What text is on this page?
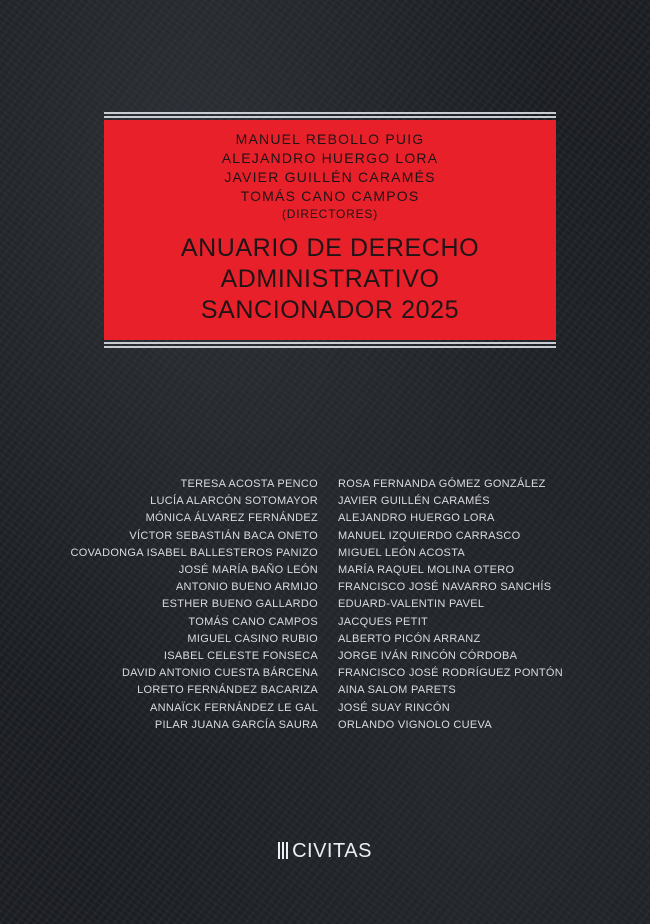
MANUEL REBOLLO PUIG
ALEJANDRO HUERGO LORA
JAVIER GUILLÉN CARAMÉS
TOMÁS CANO CAMPOS
(DIRECTORES)
ANUARIO DE DERECHO
ADMINISTRATIVO
SANCIONADOR 2025
TERESA ACOSTA PENCO
LUCÍA ALARCÓN SOTOMAYOR
MÓNICA ÁLVAREZ FERNÁNDEZ
VÍCTOR SEBASTIÁN BACA ONETO
COVADONGA ISABEL BALLESTEROS PANIZO
JOSÉ MARÍA BAÑO LEÓN
ANTONIO BUENO ARMIJO
ESTHER BUENO GALLARDO
TOMÁS CANO CAMPOS
MIGUEL CASINO RUBIO
ISABEL CELESTE FONSECA
DAVID ANTONIO CUESTA BÁRCENA
LORETO FERNÁNDEZ BACARIZA
ANNAÏCK FERNÁNDEZ LE GAL
PILAR JUANA GARCÍA SAURA
ROSA FERNANDA GÓMEZ GONZÁLEZ
JAVIER GUILLÉN CARAMÉS
ALEJANDRO HUERGO LORA
MANUEL IZQUIERDO CARRASCO
MIGUEL LEÓN ACOSTA
MARÍA RAQUEL MOLINA OTERO
FRANCISCO JOSÉ NAVARRO SANCHÍS
EDUARD-VALENTIN PAVEL
JACQUES PETIT
ALBERTO PICÓN ARRANZ
JORGE IVÁN RINCÓN CÓRDOBA
FRANCISCO JOSÉ RODRÍGUEZ PONTÓN
AINA SALOM PARETS
JOSÉ SUAY RINCÓN
ORLANDO VIGNOLO CUEVA
CIVITAS
